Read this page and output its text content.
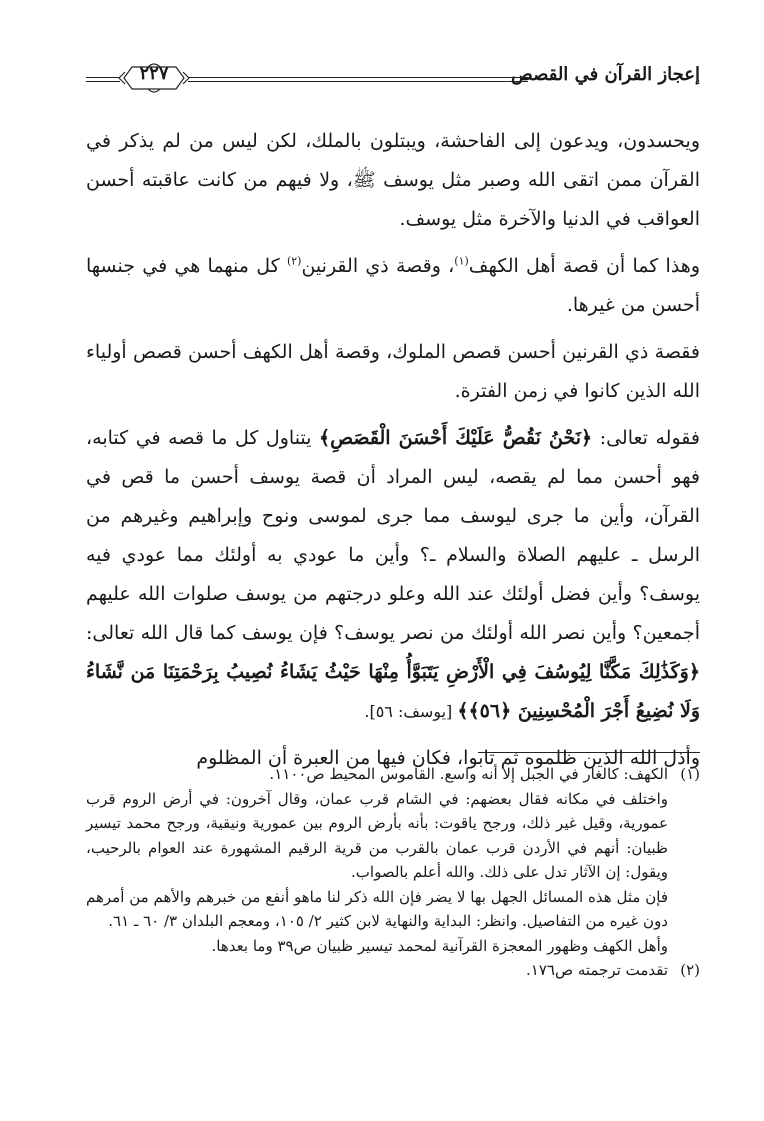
إعجاز القرآن في القصص
٢٢٧

ويحسدون، ويدعون إلى الفاحشة، ويبتلون بالملك، لكن ليس من لم يذكر في القرآن ممن اتقى الله وصبر مثل يوسف ﷺ، ولا فيهم من كانت عاقبته أحسن العواقب في الدنيا والآخرة مثل يوسف.

وهذا كما أن قصة أهل الكهف$^{(١)}$، وقصة ذي القرنين$^{(٢)}$ كل منهما هي في جنسها أحسن من غيرها.

فقصة ذي القرنين أحسن قصص الملوك، وقصة أهل الكهف أحسن قصص أولياء الله الذين كانوا في زمن الفترة.

فقوله تعالى: ﴿نَحْنُ نَقُصُّ عَلَيْكَ أَحْسَنَ الْقَصَصِ﴾ يتناول كل ما قصه في كتابه، فهو أحسن مما لم يقصه، ليس المراد أن قصة يوسف أحسن ما قص في القرآن، وأين ما جرى ليوسف مما جرى لموسى ونوح وإبراهيم وغيرهم من الرسل ـ عليهم الصلاة والسلام ـ؟ وأين ما عودي به أولئك مما عودي فيه يوسف؟ وأين فضل أولئك عند الله وعلو درجتهم من يوسف صلوات الله عليهم أجمعين؟ وأين نصر الله أولئك من نصر يوسف؟ فإن يوسف كما قال الله تعالى: ﴿وَكَذَٰلِكَ مَكَّنَّا لِيُوسُفَ فِي الْأَرْضِ يَتَبَوَّأُ مِنْهَا حَيْثُ يَشَاءُ نُصِيبُ بِرَحْمَتِنَا مَن نَّشَاءُ وَلَا نُضِيعُ أَجْرَ الْمُحْسِنِينَ ﴿٥٦﴾﴾ [يوسف: ٥٦].

وأذل الله الذين ظلموه ثم تابوا، فكان فيها من العبرة أن المظلوم

(١)الكهف: كالغار في الجبل إلا أنه واسع. القاموس المحيط ص١١٠٠.

واختلف في مكانه فقال بعضهم: في الشام قرب عمان، وقال آخرون: في أرض الروم قرب عمورية، وقيل غير ذلك، ورجح ياقوت: بأنه بأرض الروم بين عمورية ونيقية، ورجح محمد تيسير ظبيان: أنهم في الأردن قرب عمان بالقرب من قرية الرقيم المشهورة عند العوام بالرحيب، ويقول: إن الآثار تدل على ذلك. والله أعلم بالصواب.

فإن مثل هذه المسائل الجهل بها لا يضر فإن الله ذكر لنا ماهو أنفع من خبرهم والأهم من أمرهم دون غيره من التفاصيل. وانظر: البداية والنهاية لابن كثير ٢/ ١٠٥، ومعجم البلدان ٣/ ٦٠ ـ ٦١.

وأهل الكهف وظهور المعجزة القرآنية لمحمد تيسير ظبيان ص٣٩ وما بعدها.

(٢)تقدمت ترجمته ص١٧٦.
